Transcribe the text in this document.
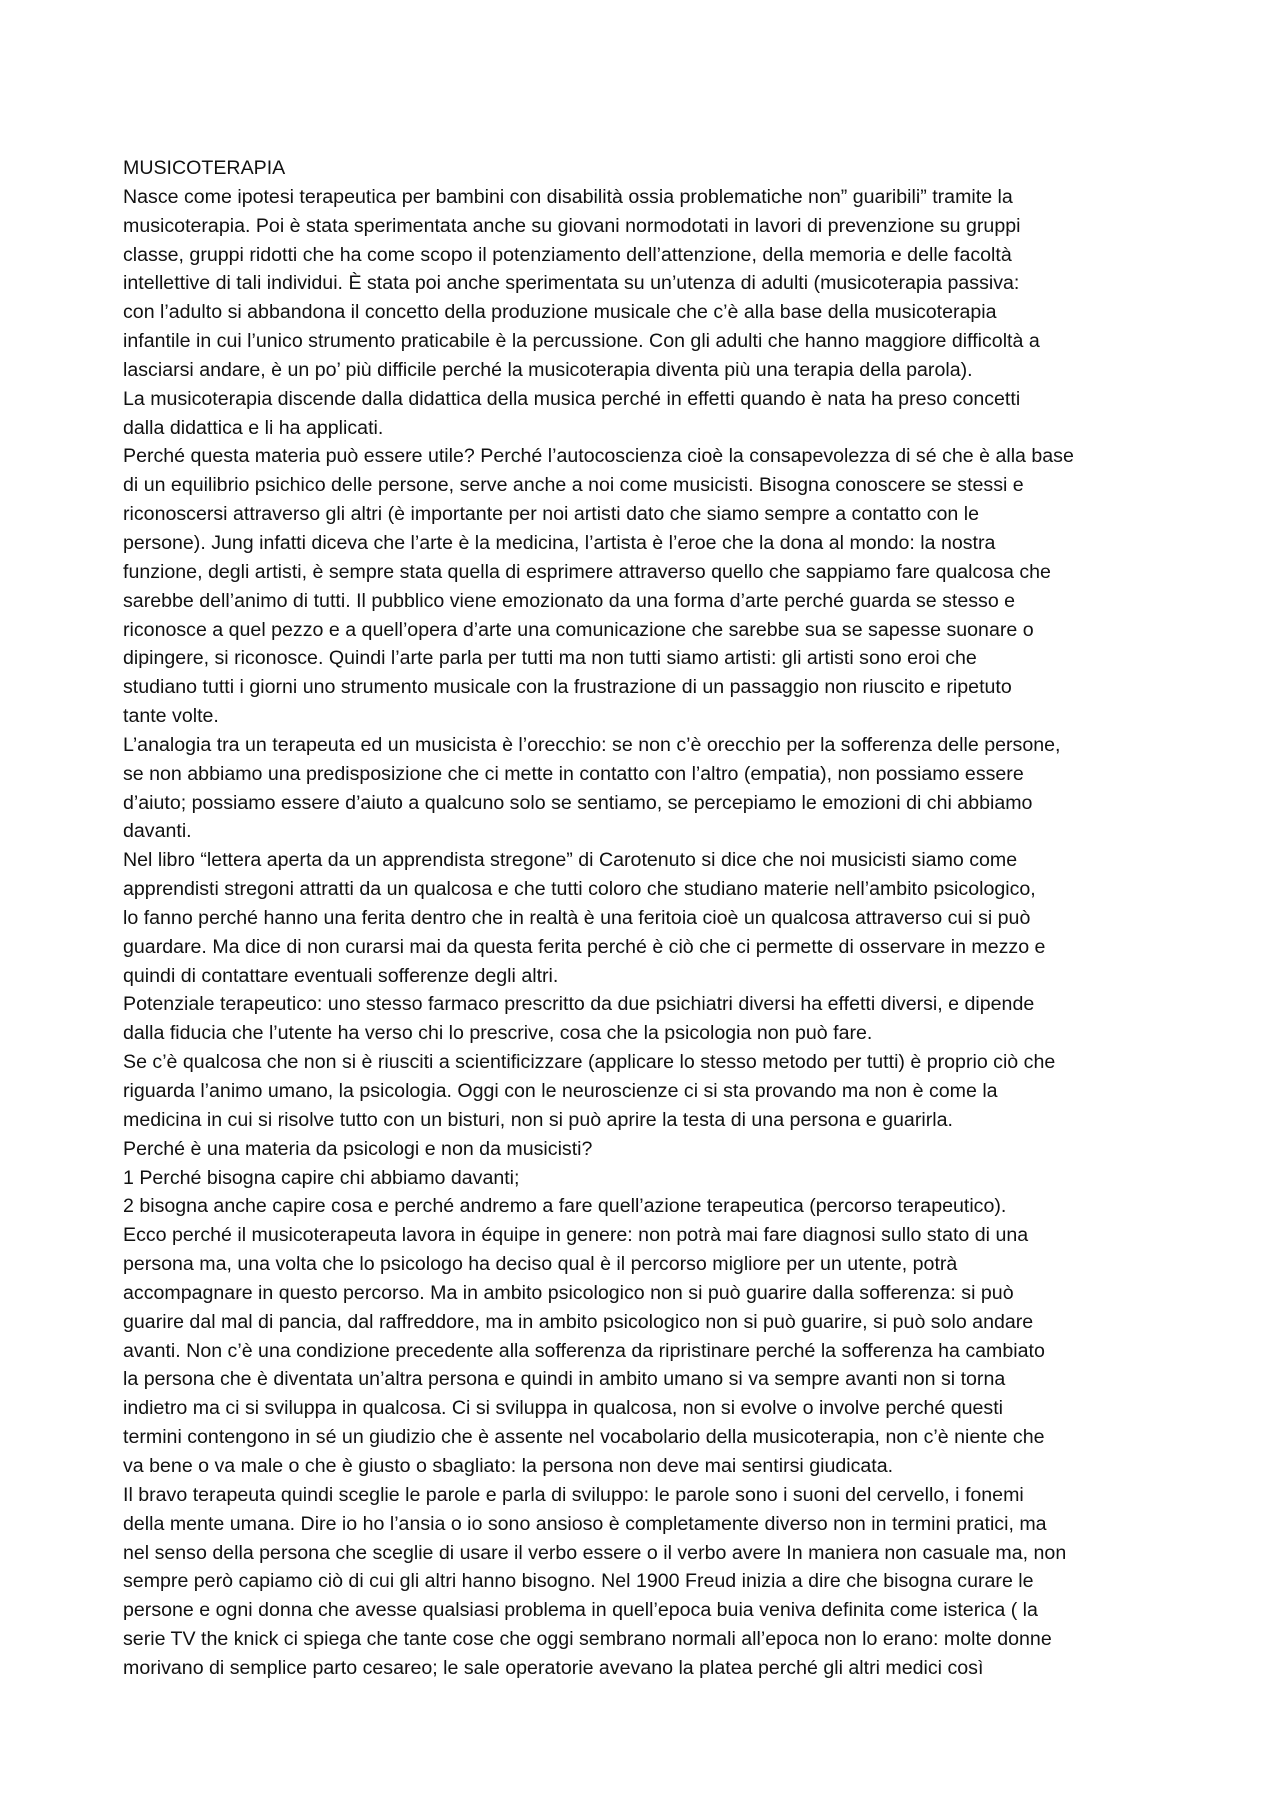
MUSICOTERAPIA

Nasce come ipotesi terapeutica per bambini con disabilità ossia problematiche non” guaribili” tramite la

musicoterapia. Poi è stata sperimentata anche su giovani normodotati in lavori di prevenzione su gruppi

classe, gruppi ridotti che ha come scopo il potenziamento dell’attenzione, della memoria e delle facoltà

intellettive di tali individui. È stata poi anche sperimentata su un’utenza di adulti (musicoterapia passiva:

con l’adulto si abbandona il concetto della produzione musicale che c’è alla base della musicoterapia

infantile in cui l’unico strumento praticabile è la percussione. Con gli adulti che hanno maggiore difficoltà a

lasciarsi andare, è un po’ più difficile perché la musicoterapia diventa più una terapia della parola).

La musicoterapia discende dalla didattica della musica perché in effetti quando è nata ha preso concetti

dalla didattica e li ha applicati.

Perché questa materia può essere utile? Perché l’autocoscienza cioè la consapevolezza di sé che è alla base

di un equilibrio psichico delle persone, serve anche a noi come musicisti. Bisogna conoscere se stessi e

riconoscersi attraverso gli altri (è importante per noi artisti dato che siamo sempre a contatto con le

persone). Jung infatti diceva che l’arte è la medicina, l’artista è l’eroe che la dona al mondo: la nostra

funzione, degli artisti, è sempre stata quella di esprimere attraverso quello che sappiamo fare qualcosa che

sarebbe dell’animo di tutti. Il pubblico viene emozionato da una forma d’arte perché guarda se stesso e

riconosce a quel pezzo e a quell’opera d’arte una comunicazione che sarebbe sua se sapesse suonare o

dipingere, si riconosce. Quindi l’arte parla per tutti ma non tutti siamo artisti: gli artisti sono eroi che

studiano tutti i giorni uno strumento musicale con la frustrazione di un passaggio non riuscito e ripetuto

tante volte.

L’analogia tra un terapeuta ed un musicista è l’orecchio: se non c’è orecchio per la sofferenza delle persone,

se non abbiamo una predisposizione che ci mette in contatto con l’altro (empatia), non possiamo essere

d’aiuto; possiamo essere d’aiuto a qualcuno solo se sentiamo, se percepiamo le emozioni di chi abbiamo

davanti.

Nel libro “lettera aperta da un apprendista stregone” di Carotenuto si dice che noi musicisti siamo come

apprendisti stregoni attratti da un qualcosa e che tutti coloro che studiano materie nell’ambito psicologico,

lo fanno perché hanno una ferita dentro che in realtà è una feritoia cioè un qualcosa attraverso cui si può

guardare. Ma dice di non curarsi mai da questa ferita perché è ciò che ci permette di osservare in mezzo e

quindi di contattare eventuali sofferenze degli altri.

Potenziale terapeutico: uno stesso farmaco prescritto da due psichiatri diversi ha effetti diversi, e dipende

dalla fiducia che l’utente ha verso chi lo prescrive, cosa che la psicologia non può fare.

Se c’è qualcosa che non si è riusciti a scientificizzare (applicare lo stesso metodo per tutti) è proprio ciò che

riguarda l’animo umano, la psicologia. Oggi con le neuroscienze ci si sta provando ma non è come la

medicina in cui si risolve tutto con un bisturi, non si può aprire la testa di una persona e guarirla.

Perché è una materia da psicologi e non da musicisti?

1 Perché bisogna capire chi abbiamo davanti;

2 bisogna anche capire cosa e perché andremo a fare quell’azione terapeutica (percorso terapeutico).

Ecco perché il musicoterapeuta lavora in équipe in genere: non potrà mai fare diagnosi sullo stato di una

persona ma, una volta che lo psicologo ha deciso qual è il percorso migliore per un utente, potrà

accompagnare in questo percorso. Ma in ambito psicologico non si può guarire dalla sofferenza: si può

guarire dal mal di pancia, dal raffreddore, ma in ambito psicologico non si può guarire, si può solo andare

avanti. Non c’è una condizione precedente alla sofferenza da ripristinare perché la sofferenza ha cambiato

la persona che è diventata un’altra persona e quindi in ambito umano si va sempre avanti non si torna

indietro ma ci si sviluppa in qualcosa. Ci si sviluppa in qualcosa, non si evolve o involve perché questi

termini contengono in sé un giudizio che è assente nel vocabolario della musicoterapia, non c’è niente che

va bene o va male o che è giusto o sbagliato: la persona non deve mai sentirsi giudicata.

Il bravo terapeuta quindi sceglie le parole e parla di sviluppo: le parole sono i suoni del cervello, i fonemi

della mente umana. Dire io ho l’ansia o io sono ansioso è completamente diverso non in termini pratici, ma

nel senso della persona che sceglie di usare il verbo essere o il verbo avere In maniera non casuale ma, non

sempre però capiamo ciò di cui gli altri hanno bisogno. Nel 1900 Freud inizia a dire che bisogna curare le

persone e ogni donna che avesse qualsiasi problema in quell’epoca buia veniva definita come isterica ( la

serie TV the knick ci spiega che tante cose che oggi sembrano normali all’epoca non lo erano: molte donne

morivano di semplice parto cesareo; le sale operatorie avevano la platea perché gli altri medici così
